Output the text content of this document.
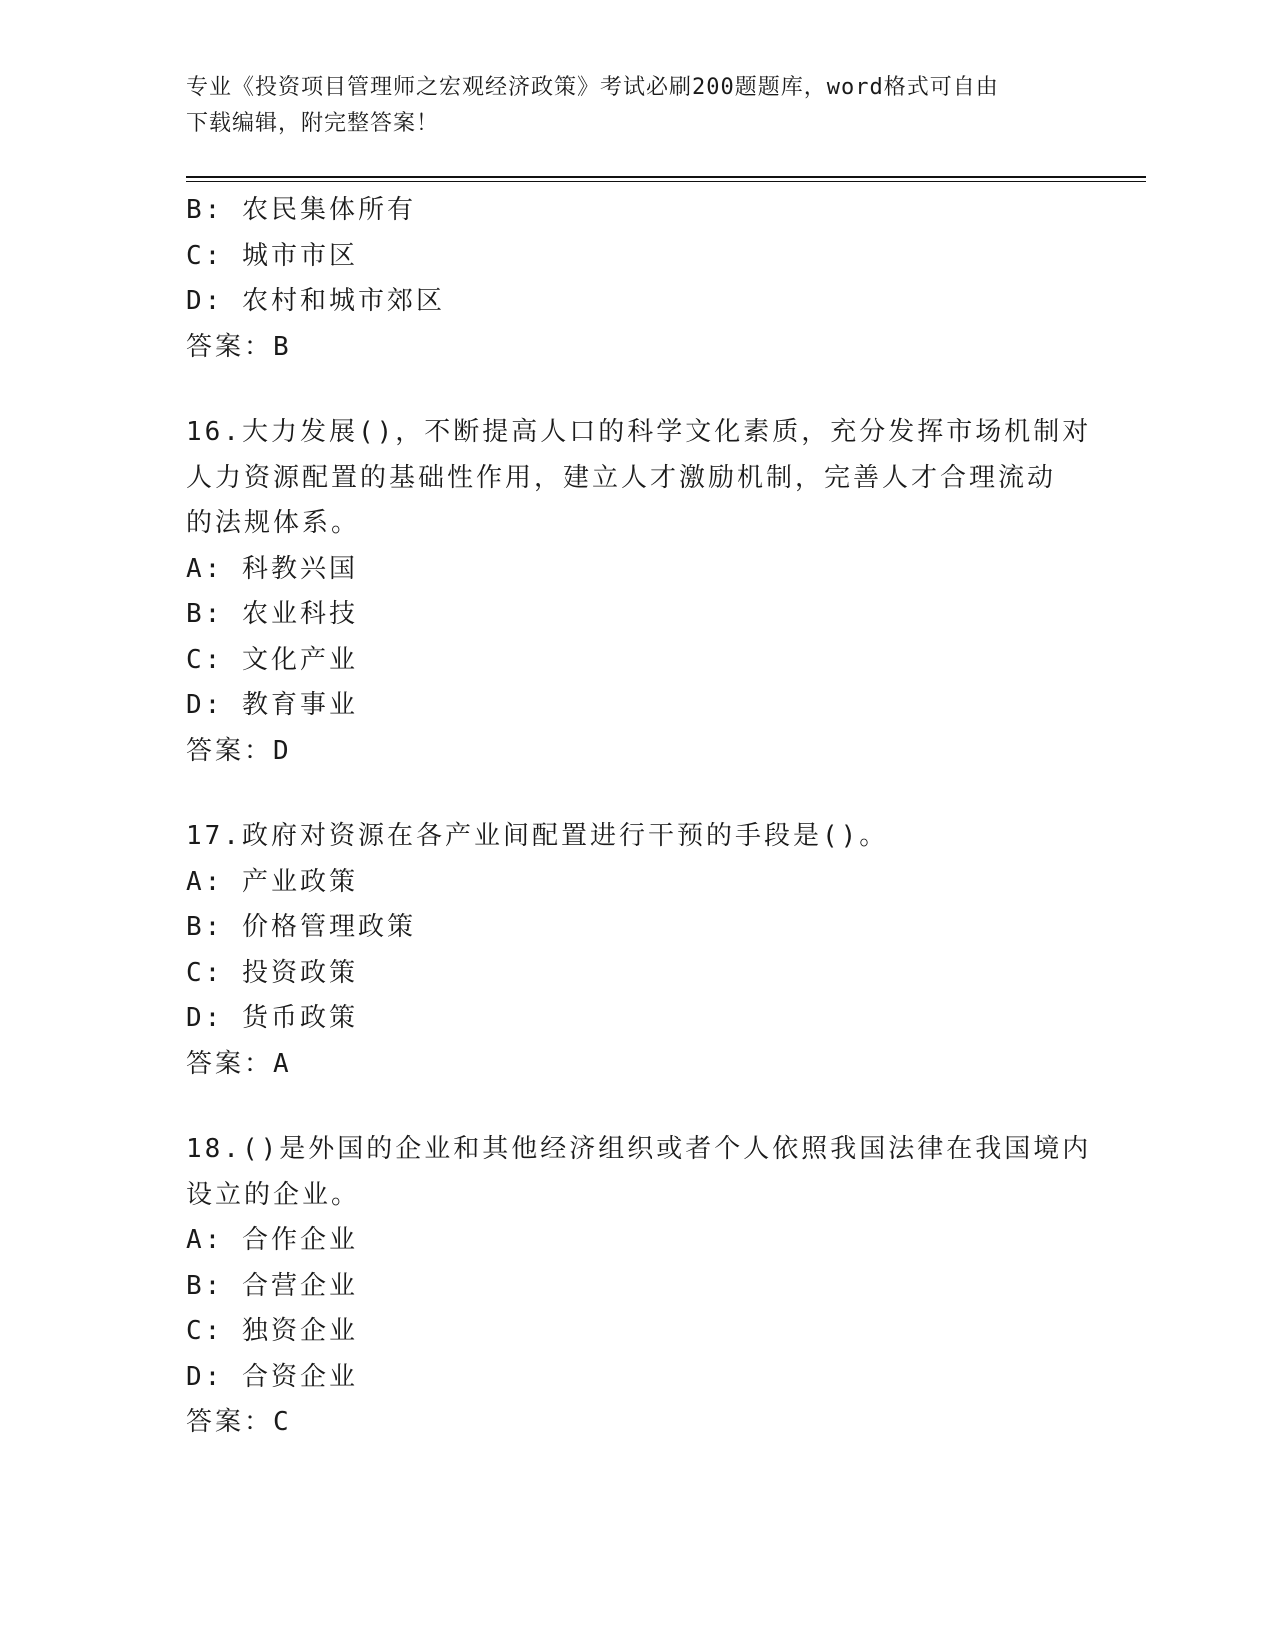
专业《投资项目管理师之宏观经济政策》考试必刷200题题库，word格式可自由
下载编辑，附完整答案！
B: 农民集体所有
C: 城市市区
D: 农村和城市郊区
答案：B
16.大力发展()，不断提高人口的科学文化素质，充分发挥市场机制对
人力资源配置的基础性作用，建立人才激励机制，完善人才合理流动
的法规体系。
A: 科教兴国
B: 农业科技
C: 文化产业
D: 教育事业
答案：D
17.政府对资源在各产业间配置进行干预的手段是()。
A: 产业政策
B: 价格管理政策
C: 投资政策
D: 货币政策
答案：A
18.()是外国的企业和其他经济组织或者个人依照我国法律在我国境内
设立的企业。
A: 合作企业
B: 合营企业
C: 独资企业
D: 合资企业
答案：C
